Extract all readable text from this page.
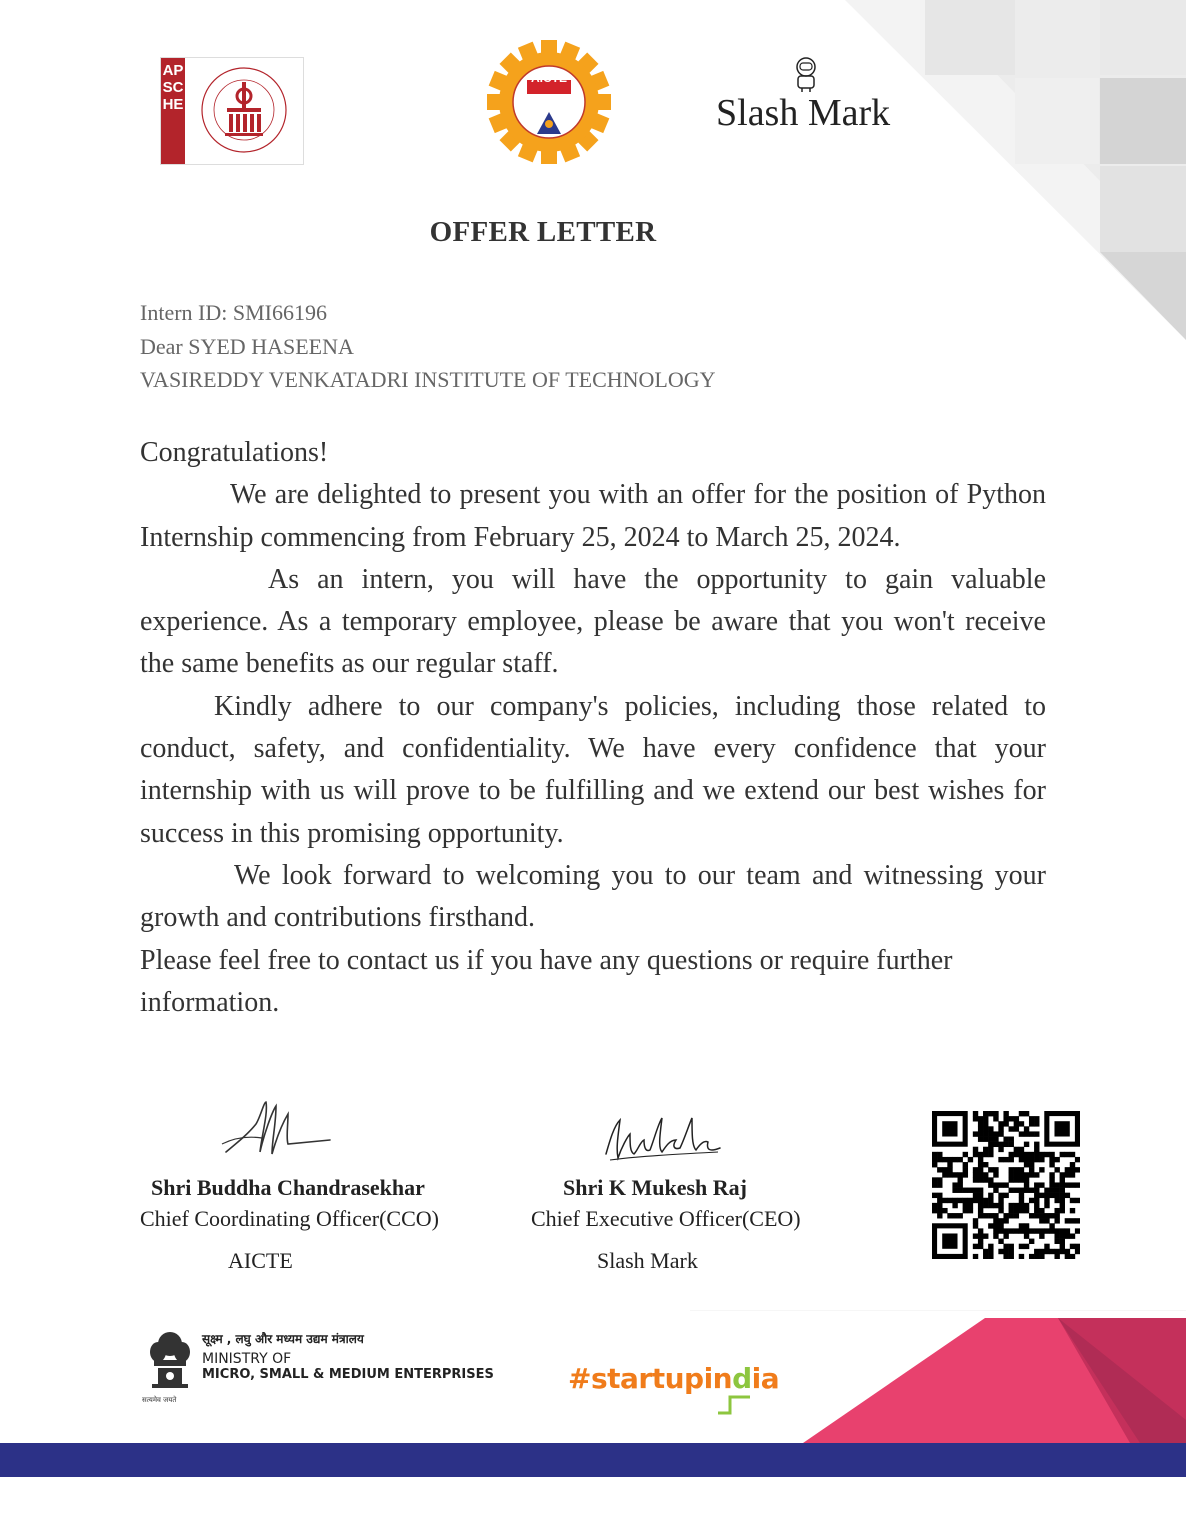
APSCHE
AICTE
Slash Mark
OFFER LETTER
Intern ID: SMI66196
Dear SYED HASEENA
VASIREDDY VENKATADRI INSTITUTE OF TECHNOLOGY

Congratulations!

We are delighted to present you with an offer for the position of Python Internship commencing from February 25, 2024 to March 25, 2024.

As an intern, you will have the opportunity to gain valuable experience. As a temporary employee, please be aware that you won't receive the same benefits as our regular staff.

Kindly adhere to our company's policies, including those related to conduct, safety, and confidentiality. We have every confidence that your internship with us will prove to be fulfilling and we extend our best wishes for success in this promising opportunity.

We look forward to welcoming you to our team and witnessing your growth and contributions firsthand.

Please feel free to contact us if you have any questions or require further information.

Shri Buddha Chandrasekhar
Chief Coordinating Officer(CCO)
AICTE
Shri K Mukesh Raj
Chief Executive Officer(CEO)
Slash Mark
सत्यमेव जयते
सूक्ष्म , लघु और मध्यम उद्यम मंत्रालय
MINISTRY OF
MICRO, SMALL & MEDIUM ENTERPRISES	#startupindia
